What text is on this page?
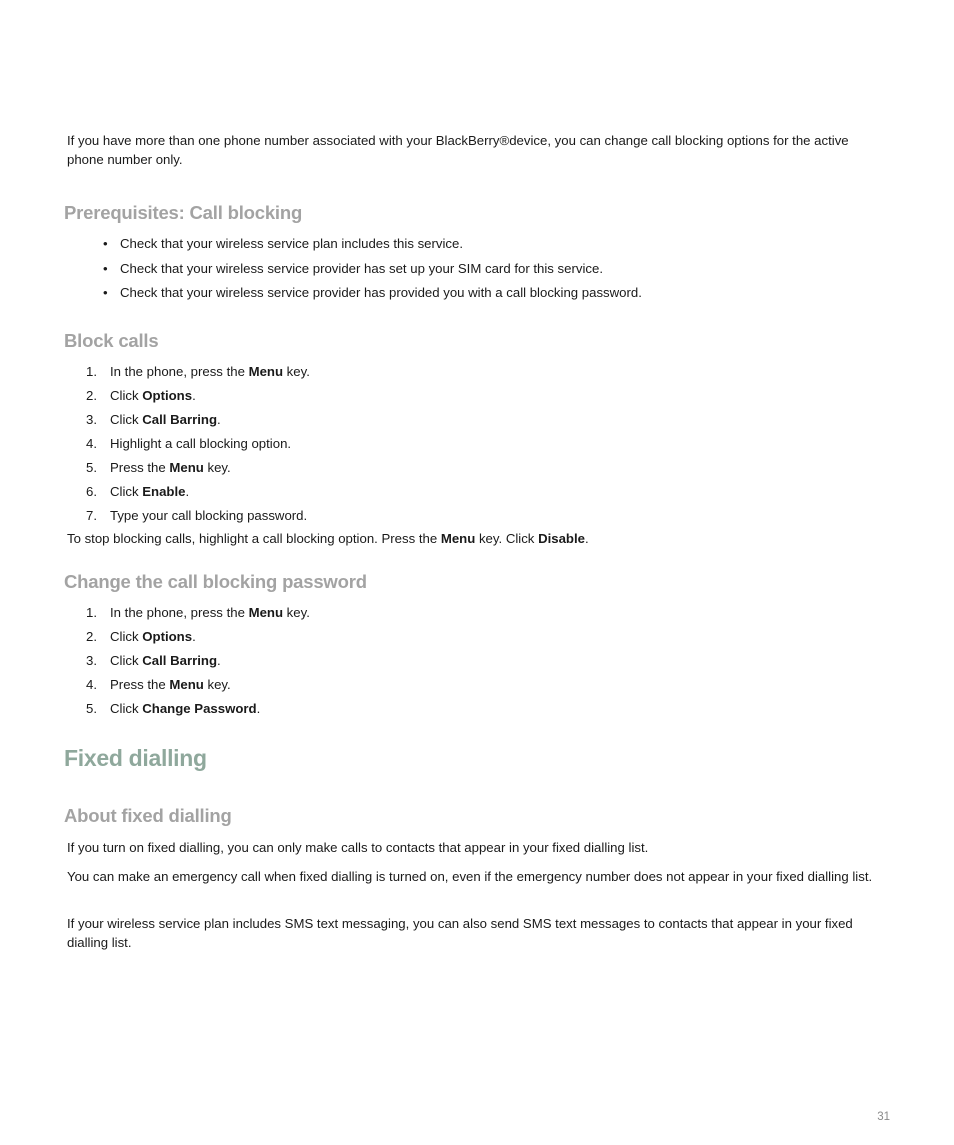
If you have more than one phone number associated with your BlackBerry®device, you can change call blocking options for the active phone number only.

Prerequisites: Call blocking
• Check that your wireless service plan includes this service.
• Check that your wireless service provider has set up your SIM card for this service.
• Check that your wireless service provider has provided you with a call blocking password.
Block calls
1. In the phone, press the Menu key.
2. Click Options.
3. Click Call Barring.
4. Highlight a call blocking option.
5. Press the Menu key.
6. Click Enable.
7. Type your call blocking password.

To stop blocking calls, highlight a call blocking option. Press the Menu key. Click Disable.

Change the call blocking password
1. In the phone, press the Menu key.
2. Click Options.
3. Click Call Barring.
4. Press the Menu key.
5. Click Change Password.
Fixed dialling
About fixed dialling

If you turn on fixed dialling, you can only make calls to contacts that appear in your fixed dialling list.

You can make an emergency call when fixed dialling is turned on, even if the emergency number does not appear in your fixed dialling list.

If your wireless service plan includes SMS text messaging, you can also send SMS text messages to contacts that appear in your fixed dialling list.

31
